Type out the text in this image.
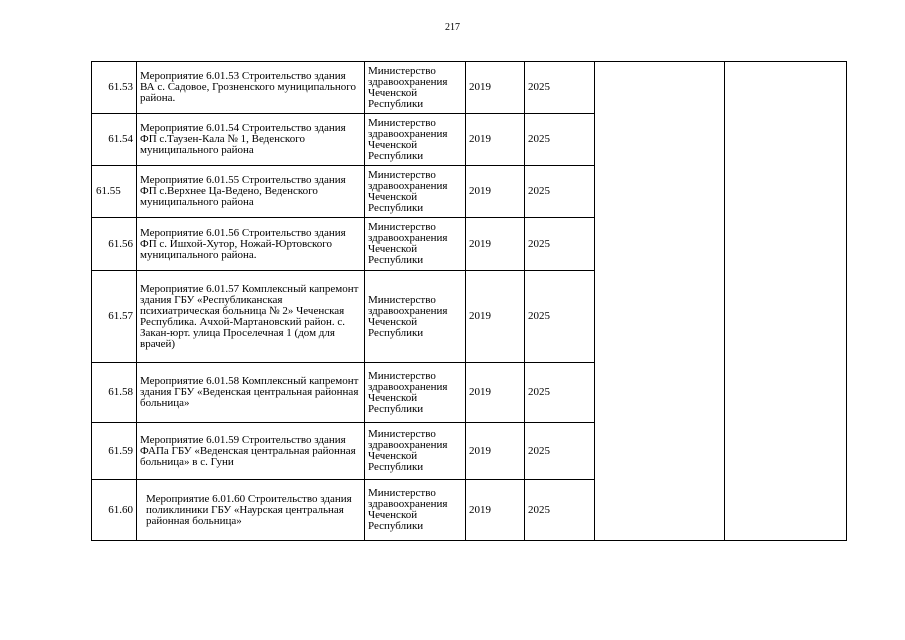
217
61.53	Мероприятие 6.01.53 Строительство здания ВА с. Садовое, Грозненского муниципального района.	Министерство здравоохранения Чеченской Республики	2019	2025		
61.54	Мероприятие 6.01.54 Строительство здания ФП с.Таузен-Кала № 1, Веденского муниципального района	Министерство здравоохранения Чеченской Республики	2019	2025		
61.55	Мероприятие 6.01.55 Строительство здания ФП с.Верхнее Ца-Ведено, Веденского муниципального района	Министерство здравоохранения Чеченской Республики	2019	2025		
61.56	Мероприятие 6.01.56 Строительство здания ФП с. Ишхой-Хутор, Ножай-Юртовского муниципального района.	Министерство здравоохранения Чеченской Республики	2019	2025		
61.57	Мероприятие 6.01.57 Комплексный капремонт здания ГБУ «Республиканская психиатрическая больница № 2» Чеченская Республика. Ачхой-Мартановский район. с. Закан-юрт. улица Проселечная 1 (дом для врачей)	Министерство здравоохранения Чеченской Республики	2019	2025		
61.58	Мероприятие 6.01.58 Комплексный капремонт здания ГБУ «Веденская центральная районная больница»	Министерство здравоохранения Чеченской Республики	2019	2025		
61.59	Мероприятие 6.01.59 Строительство здания ФАПа ГБУ «Веденская центральная районная больница» в с. Гуни	Министерство здравоохранения Чеченской Республики	2019	2025		
61.60	Мероприятие 6.01.60 Строительство здания поликлиники ГБУ «Наурская центральная районная больница»	Министерство здравоохранения Чеченской Республики	2019	2025		
